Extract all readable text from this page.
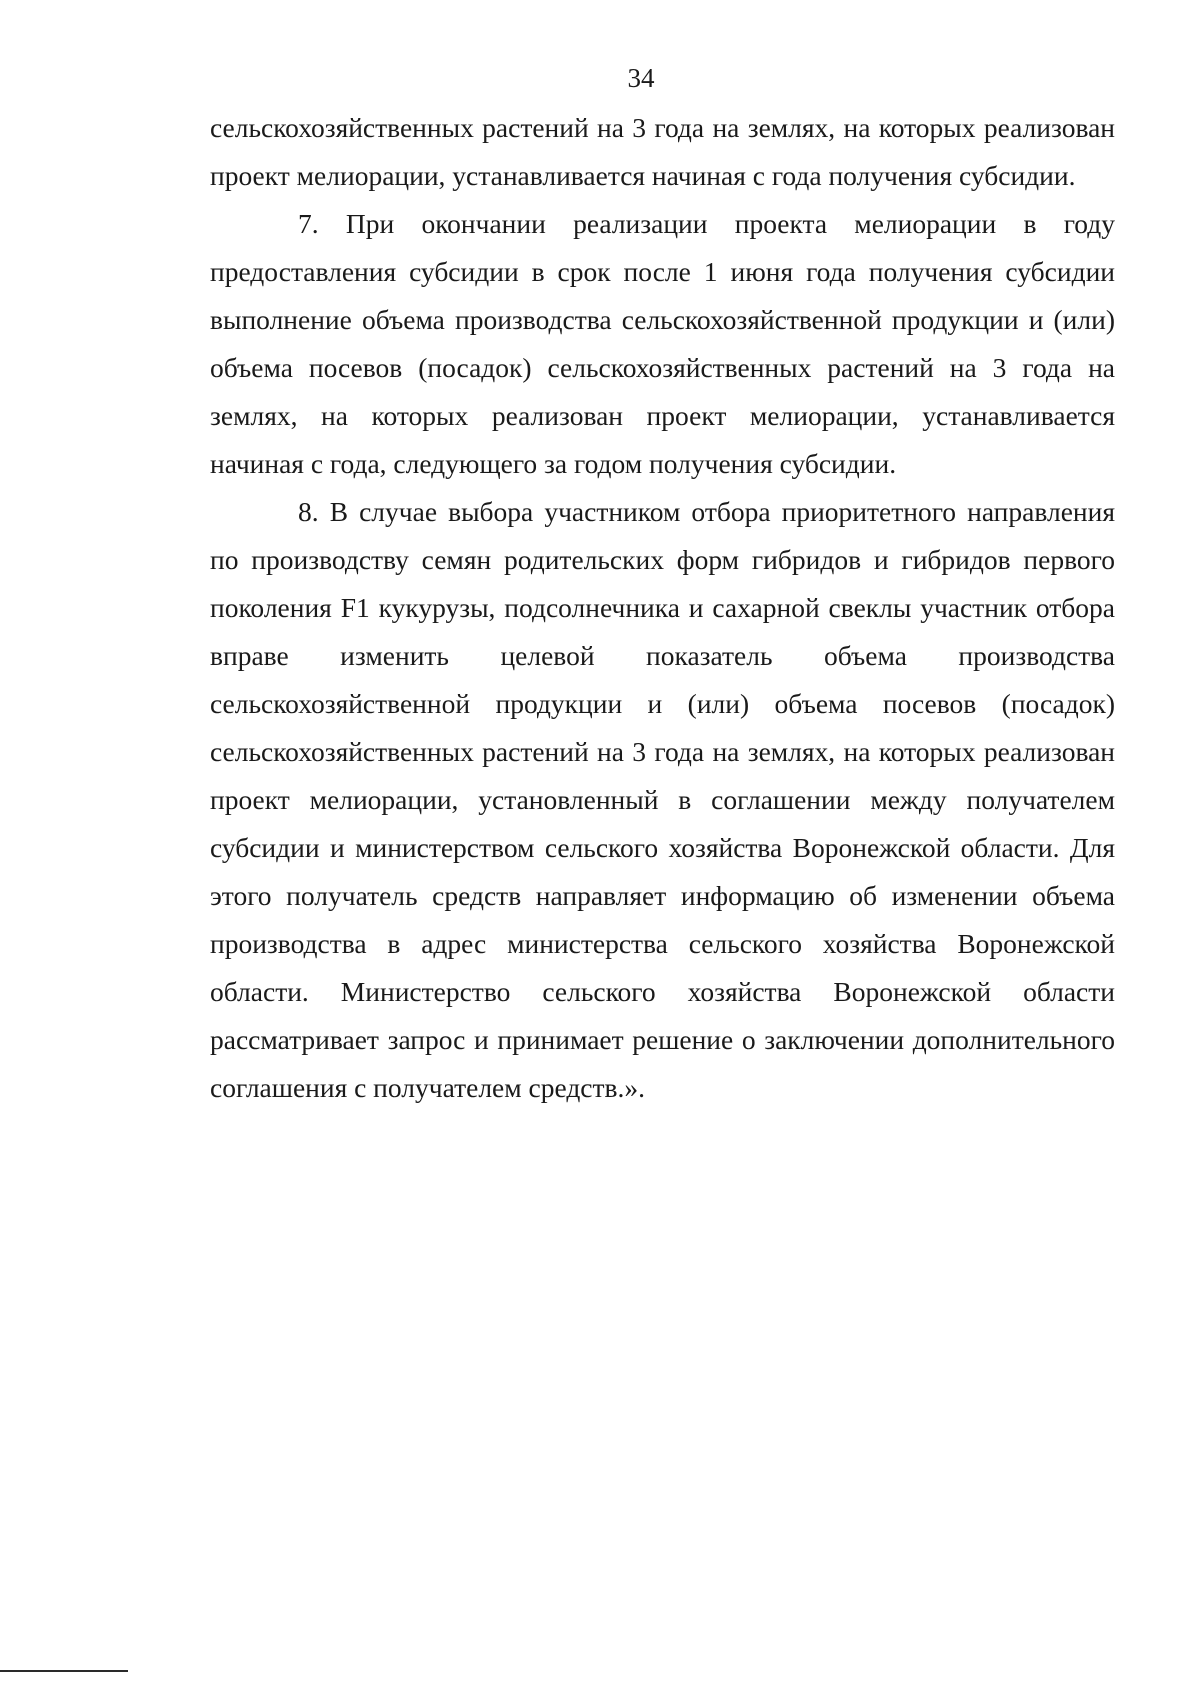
34

сельскохозяйственных растений на 3 года на землях, на которых реализован проект мелиорации, устанавливается начиная с года получения субсидии.

7. При окончании реализации проекта мелиорации в году предоставления субсидии в срок после 1 июня года получения субсидии выполнение объема производства сельскохозяйственной продукции и (или) объема посевов (посадок) сельскохозяйственных растений на 3 года на землях, на которых реализован проект мелиорации, устанавливается начиная с года, следующего за годом получения субсидии.

8. В случае выбора участником отбора приоритетного направления по производству семян родительских форм гибридов и гибридов первого поколения F1 кукурузы, подсолнечника и сахарной свеклы участник отбора вправе изменить целевой показатель объема производства сельскохозяйственной продукции и (или) объема посевов (посадок) сельскохозяйственных растений на 3 года на землях, на которых реализован проект мелиорации, установленный в соглашении между получателем субсидии и министерством сельского хозяйства Воронежской области. Для этого получатель средств направляет информацию об изменении объема производства в адрес министерства сельского хозяйства Воронежской области. Министерство сельского хозяйства Воронежской области рассматривает запрос и принимает решение о заключении дополнительного соглашения с получателем средств.».
